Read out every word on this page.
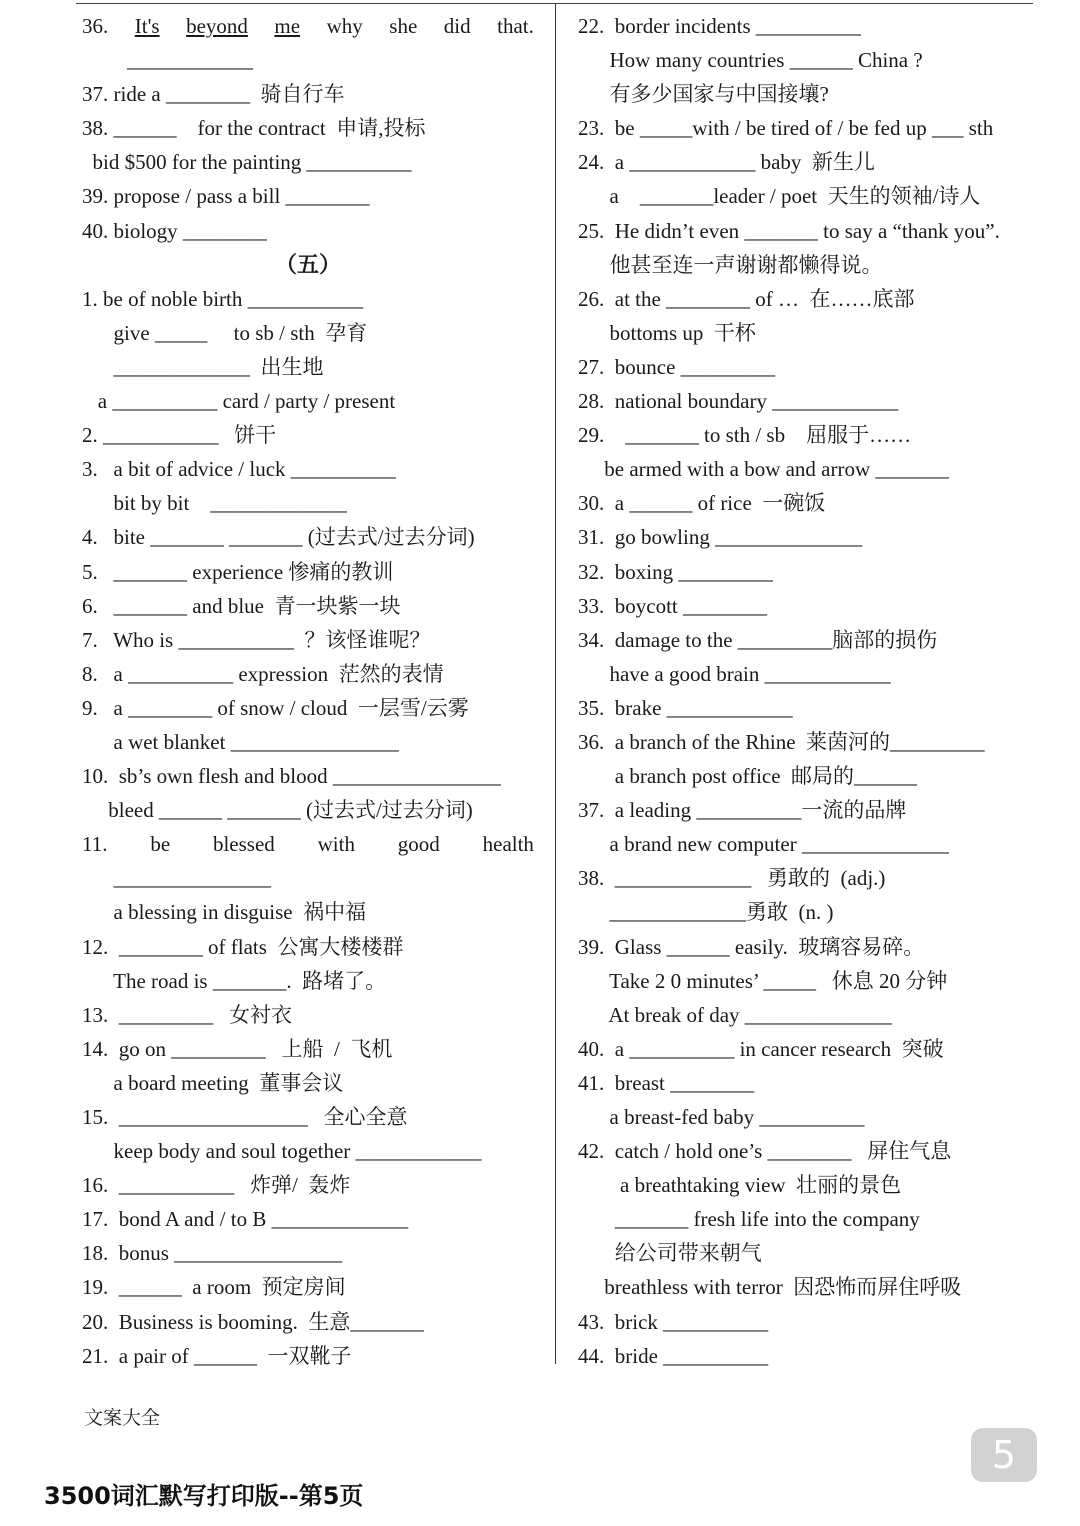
36. It's beyond me why she did that.
____________
37. ride a ________  骑自行车
38. ______    for the contract  申请,投标
bid $500 for the painting __________
39. propose / pass a bill ________
40. biology ________
（五）
1. be of noble birth ___________
give _____     to sb / sth  孕育
_____________  出生地
a __________ card / party / present
2. ___________   饼干
3.   a bit of advice / luck __________
bit by bit    _____________
4.   bite _______ _______ (过去式/过去分词)
5.   _______ experience 惨痛的教训
6.   _______ and blue  青一块紫一块
7.   Who is ___________  ？该怪谁呢？
8.   a __________ expression  茫然的表情
9.   a ________ of snow / cloud  一层雪/云雾
a wet blanket ________________
10.  sb’s own flesh and blood ________________
bleed ______ _______ (过去式/过去分词)
11. be blessed with good health
_______________
a blessing in disguise  祸中福
12.  ________ of flats  公寓大楼楼群
The road is _______.  路堵了。
13.  _________   女衬衣
14.  go on _________   上船  /  飞机
a board meeting  董事会议
15.  __________________   全心全意
keep body and soul together ____________
16.  ___________   炸弹/  轰炸
17.  bond A and / to B _____________
18.  bonus ________________
19.  ______  a room  预定房间
20.  Business is booming.  生意_______
21.  a pair of ______  一双靴子
22.  border incidents __________
How many countries ______ China ?
有多少国家与中国接壤?
23.  be _____with / be tired of / be fed up ___ sth
24.  a ____________ baby  新生儿
a    _______leader / poet  天生的领袖/诗人
25.  He didn’t even _______ to say a “thank you”.
他甚至连一声谢谢都懒得说。
26.  at the ________ of …  在……底部
bottoms up  干杯
27.  bounce _________
28.  national boundary ____________
29.    _______ to sth / sb    屈服于……
be armed with a bow and arrow _______
30.  a ______ of rice  一碗饭
31.  go bowling ______________
32.  boxing _________
33.  boycott ________
34.  damage to the _________脑部的损伤
have a good brain ____________
35.  brake ____________
36.  a branch of the Rhine  莱茵河的_________
a branch post office  邮局的______
37.  a leading __________一流的品牌
a brand new computer ______________
38.  _____________   勇敢的  (adj.)
_____________勇敢  (n. )
39.  Glass ______ easily.  玻璃容易碎。
Take 2 0 minutes’ _____   休息 20 分钟
At break of day ______________
40.  a __________ in cancer research  突破
41.  breast ________
a breast-fed baby __________
42.  catch / hold one’s ________   屏住气息
a breathtaking view  壮丽的景色
_______ fresh life into the company
给公司带来朝气
breathless with terror  因恐怖而屏住呼吸
43.  brick __________
44.  bride __________
文案大全
5
3500词汇默写打印版--第5页
